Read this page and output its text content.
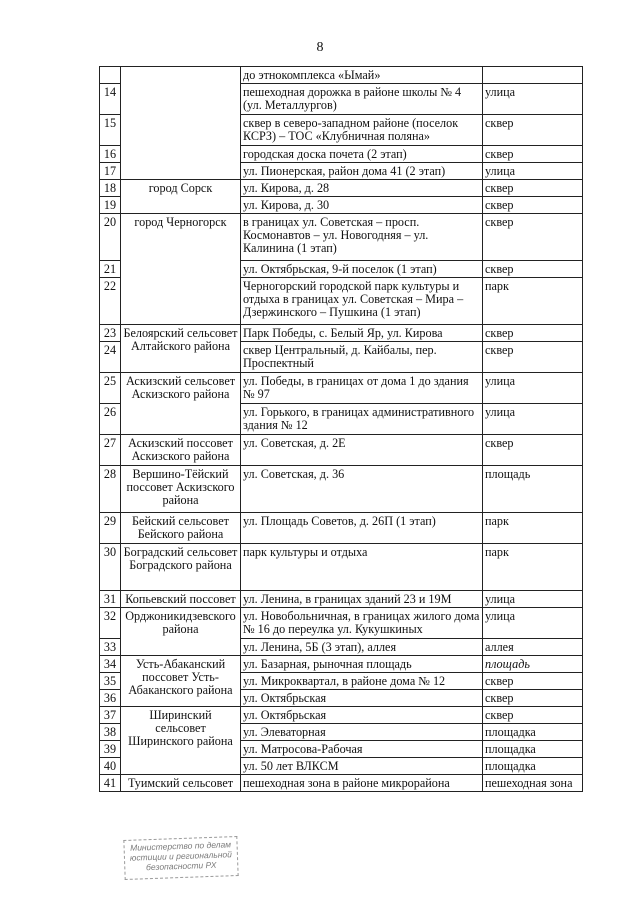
8
		до этнокомплекса «Ымай»	
14		пешеходная дорожка в районе школы № 4 (ул. Металлургов)	улица
15		сквер в северо-западном районе (поселок КСРЗ) – ТОС «Клубничная поляна»	сквер
16		городская доска почета (2 этап)	сквер
17		ул. Пионерская, район дома 41 (2 этап)	улица
18	город Сорск	ул. Кирова, д. 28	сквер
19		ул. Кирова, д. 30	сквер
20	город Черногорск	в границах ул. Советская – просп. Космонавтов – ул. Новогодняя – ул. Калинина (1 этап)	сквер
21		ул. Октябрьская, 9-й поселок (1 этап)	сквер
22		Черногорский городской парк культуры и отдыха в границах ул. Советская – Мира – Дзержинского – Пушкина (1 этап)	парк
23	Белоярский сельсовет Алтайского района	Парк Победы, с. Белый Яр, ул. Кирова	сквер
24		сквер Центральный, д. Кайбалы, пер. Проспектный	сквер
25	Аскизский сельсовет Аскизского района	ул. Победы, в границах от дома 1 до здания № 97	улица
26		ул. Горького, в границах административного здания № 12	улица
27	Аскизский поссовет Аскизского района	ул. Советская, д. 2Е	сквер
28	Вершино-Тёйский поссовет Аскизского района	ул. Советская, д. 36	площадь
29	Бейский сельсовет Бейского района	ул. Площадь Советов, д. 26П (1 этап)	парк
30	Боградский сельсовет Боградского района	парк культуры и отдыха	парк
31	Копьевский поссовет	ул. Ленина, в границах зданий 23 и 19М	улица
32	Орджоникидзевского района	ул. Новобольничная, в границах жилого дома № 16 до переулка ул. Кукушкиных	улица
33		ул. Ленина, 5Б (3 этап), аллея	аллея
34	Усть-Абаканский поссовет Усть-Абаканского района	ул. Базарная, рыночная площадь	площадь
35		ул. Микроквартал, в районе дома № 12	сквер
36		ул. Октябрьская	сквер
37	Ширинский сельсовет Ширинского района	ул. Октябрьская	сквер
38		ул. Элеваторная	площадка
39		ул. Матросова-Рабочая	площадка
40		ул. 50 лет ВЛКСМ	площадка
41	Туимский сельсовет	пешеходная зона в районе микрорайона	пешеходная зона
Министерство по делам юстиции и региональной безопасности РХ
